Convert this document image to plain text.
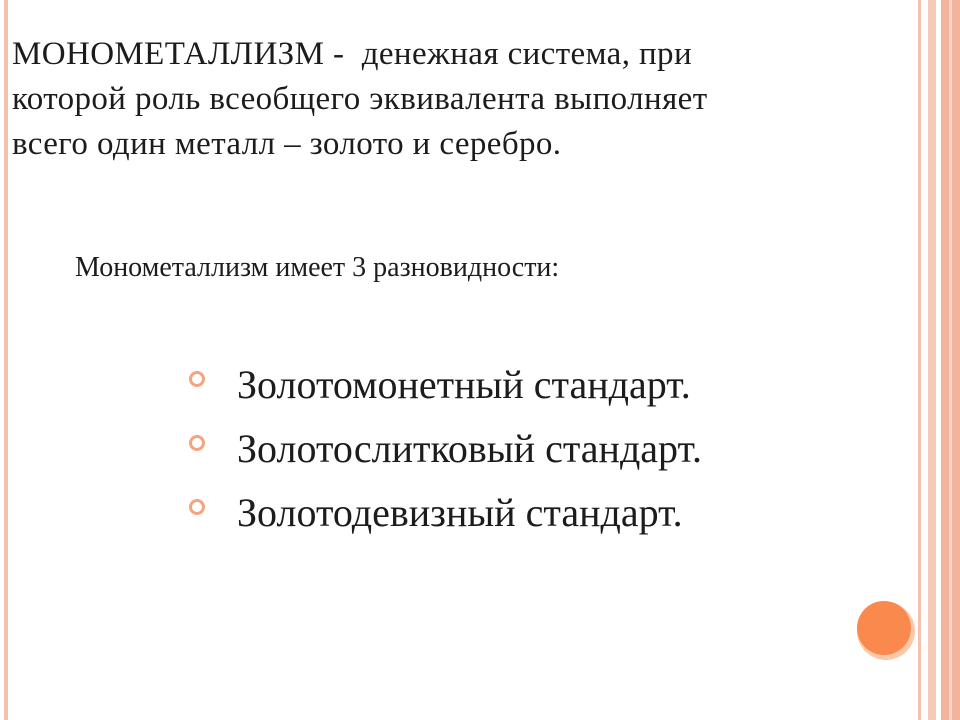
МОНОМЕТАЛЛИЗМ -  денежная система, при
которой роль всеобщего эквивалента выполняет
всего один металл – золото и серебро.
Монометаллизм имеет 3 разновидности:
Золотомонетный стандарт.
Золотослитковый стандарт.
Золотодевизный стандарт.
